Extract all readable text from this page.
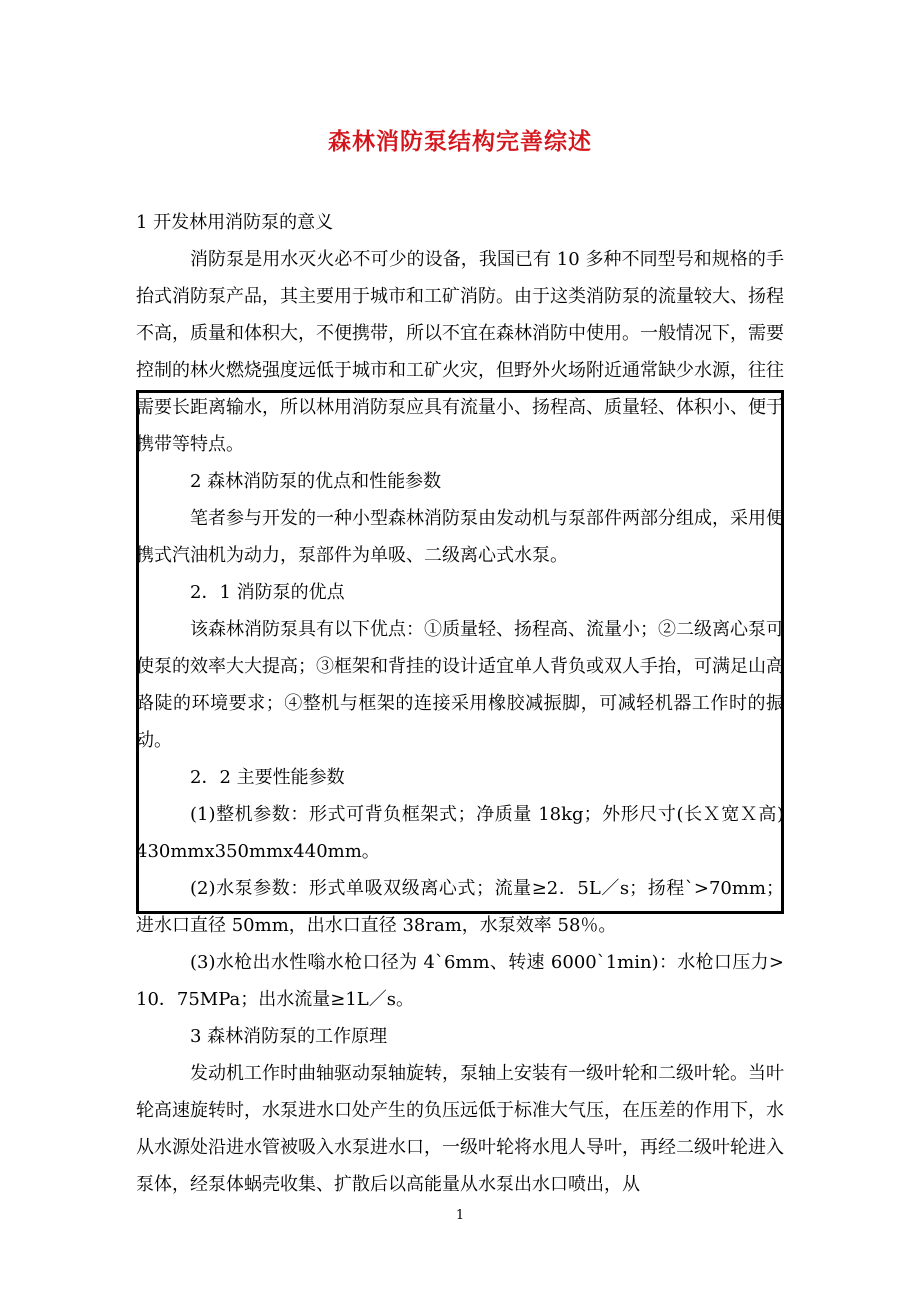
森林消防泵结构完善综述

1 开发林用消防泵的意义

消防泵是用水灭火必不可少的设备，我国已有 10 多种不同型号和规格的手抬式消防泵产品，其主要用于城市和工矿消防。由于这类消防泵的流量较大、扬程不高，质量和体积大，不便携带，所以不宜在森林消防中使用。一般情况下，需要控制的林火燃烧强度远低于城市和工矿火灾，但野外火场附近通常缺少水源，往往需要长距离输水，所以林用消防泵应具有流量小、扬程高、质量轻、体积小、便于携带等特点。

2 森林消防泵的优点和性能参数

笔者参与开发的一种小型森林消防泵由发动机与泵部件两部分组成，采用便携式汽油机为动力，泵部件为单吸、二级离心式水泵。

2．1 消防泵的优点

该森林消防泵具有以下优点：①质量轻、扬程高、流量小；②二级离心泵可使泵的效率大大提高；③框架和背挂的设计适宜单人背负或双人手抬，可满足山高路陡的环境要求；④整机与框架的连接采用橡胶减振脚，可减轻机器工作时的振动。

2．2 主要性能参数

(1)整机参数：形式可背负框架式；净质量 18kg；外形尺寸(长Ｘ宽Ｘ高) 430mmx350mmx440mm。

(2)水泵参数：形式单吸双级离心式；流量≥2．5L／s；扬程`>70mm；进水口直径 50mm，出水口直径 38ram，水泵效率 58％。

(3)水枪出水性嗡水枪口径为 4`6mm、转速 6000`1min)：水枪口压力> 10．75MPa；出水流量≥1L／s。

3 森林消防泵的工作原理

发动机工作时曲轴驱动泵轴旋转，泵轴上安装有一级叶轮和二级叶轮。当叶轮高速旋转时，水泵进水口处产生的负压远低于标准大气压，在压差的作用下，水从水源处沿进水管被吸入水泵进水口，一级叶轮将水甩人导叶，再经二级叶轮进入泵体，经泵体蜗壳收集、扩散后以高能量从水泵出水口喷出，从

1
